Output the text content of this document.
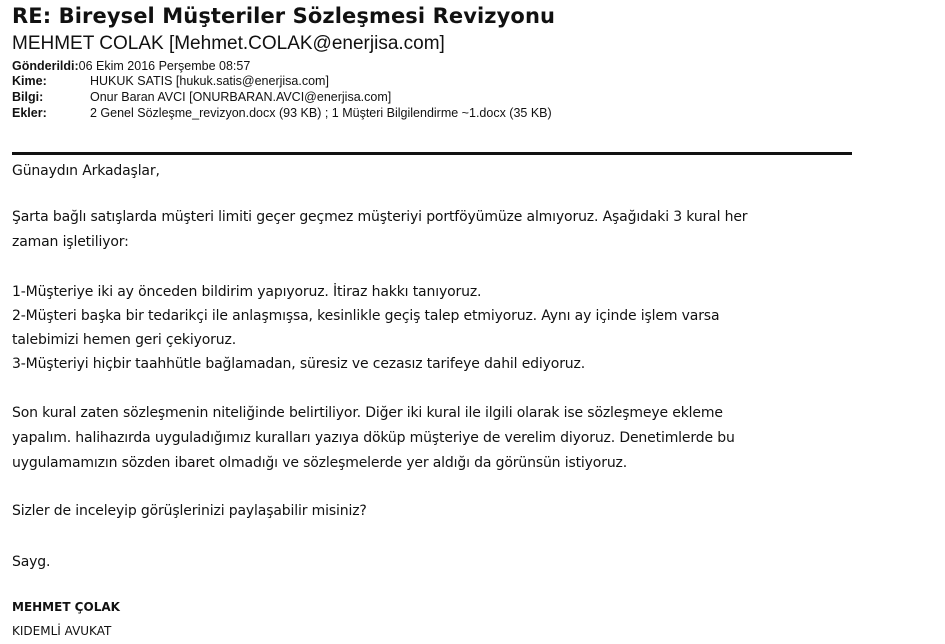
RE: Bireysel Müşteriler Sözleşmesi Revizyonu
MEHMET COLAK [Mehmet.COLAK@enerjisa.com]
Gönderildi:06 Ekim 2016 Perşembe 08:57
Kime:	HUKUK SATIS [hukuk.satis@enerjisa.com]
Bilgi:	Onur Baran AVCI [ONURBARAN.AVCI@enerjisa.com]
Ekler:	2 Genel Sözleşme_revizyon.docx (93 KB) ; 1 Müşteri Bilgilendirme ~1.docx (35 KB)
Günaydın Arkadaşlar,
Şarta bağlı satışlarda müşteri limiti geçer geçmez müşteriyi portföyümüze almıyoruz. Aşağıdaki 3 kural her
zaman işletiliyor:
1-Müşteriye iki ay önceden bildirim yapıyoruz. İtiraz hakkı tanıyoruz.
2-Müşteri başka bir tedarikçi ile anlaşmışsa, kesinlikle geçiş talep etmiyoruz. Aynı ay içinde işlem varsa
talebimizi hemen geri çekiyoruz.
3-Müşteriyi hiçbir taahhütle bağlamadan, süresiz ve cezasız tarifeye dahil ediyoruz.
Son kural zaten sözleşmenin niteliğinde belirtiliyor. Diğer iki kural ile ilgili olarak ise sözleşmeye ekleme
yapalım. halihazırda uyguladığımız kuralları yazıya döküp müşteriye de verelim diyoruz. Denetimlerde bu
uygulamamızın sözden ibaret olmadığı ve sözleşmelerde yer aldığı da görünsün istiyoruz.
Sizler de inceleyip görüşlerinizi paylaşabilir misiniz?
Sayg.
MEHMET ÇOLAK
KIDEMLİ AVUKAT
